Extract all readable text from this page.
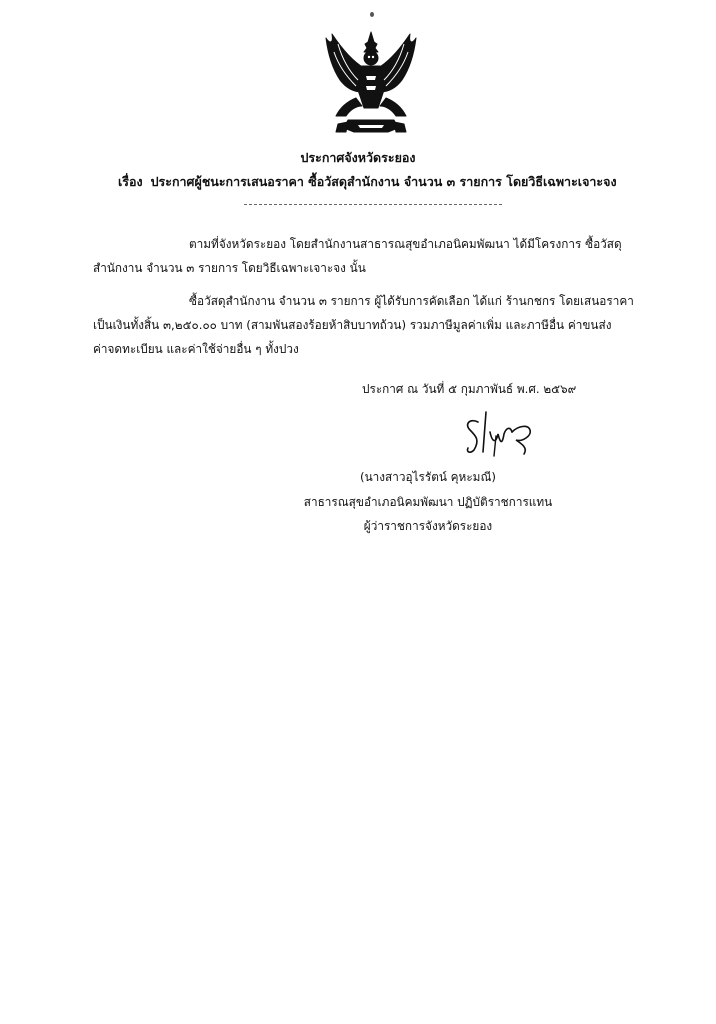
ประกาศจังหวัดระยอง

เรื่อง ประกาศผู้ชนะการเสนอราคา ซื้อวัสดุสำนักงาน จำนวน ๓ รายการ โดยวิธีเฉพาะเจาะจง

ตามที่จังหวัดระยอง โดยสำนักงานสาธารณสุขอำเภอนิคมพัฒนา ได้มีโครงการ ซื้อวัสดุ
สำนักงาน จำนวน ๓ รายการ โดยวิธีเฉพาะเจาะจง นั้น
ซื้อวัสดุสำนักงาน จำนวน ๓ รายการ ผู้ได้รับการคัดเลือก ได้แก่ ร้านกชกร โดยเสนอราคา
เป็นเงินทั้งสิ้น ๓,๒๕๐.๐๐ บาท (สามพันสองร้อยห้าสิบบาทถ้วน) รวมภาษีมูลค่าเพิ่ม และภาษีอื่น ค่าขนส่ง
ค่าจดทะเบียน และค่าใช้จ่ายอื่น ๆ ทั้งปวง

ประกาศ ณ วันที่ ๕ กุมภาพันธ์ พ.ศ. ๒๕๖๙

(นางสาวอุไรรัตน์ คุหะมณี)

สาธารณสุขอำเภอนิคมพัฒนา ปฏิบัติราชการแทน

ผู้ว่าราชการจังหวัดระยอง
